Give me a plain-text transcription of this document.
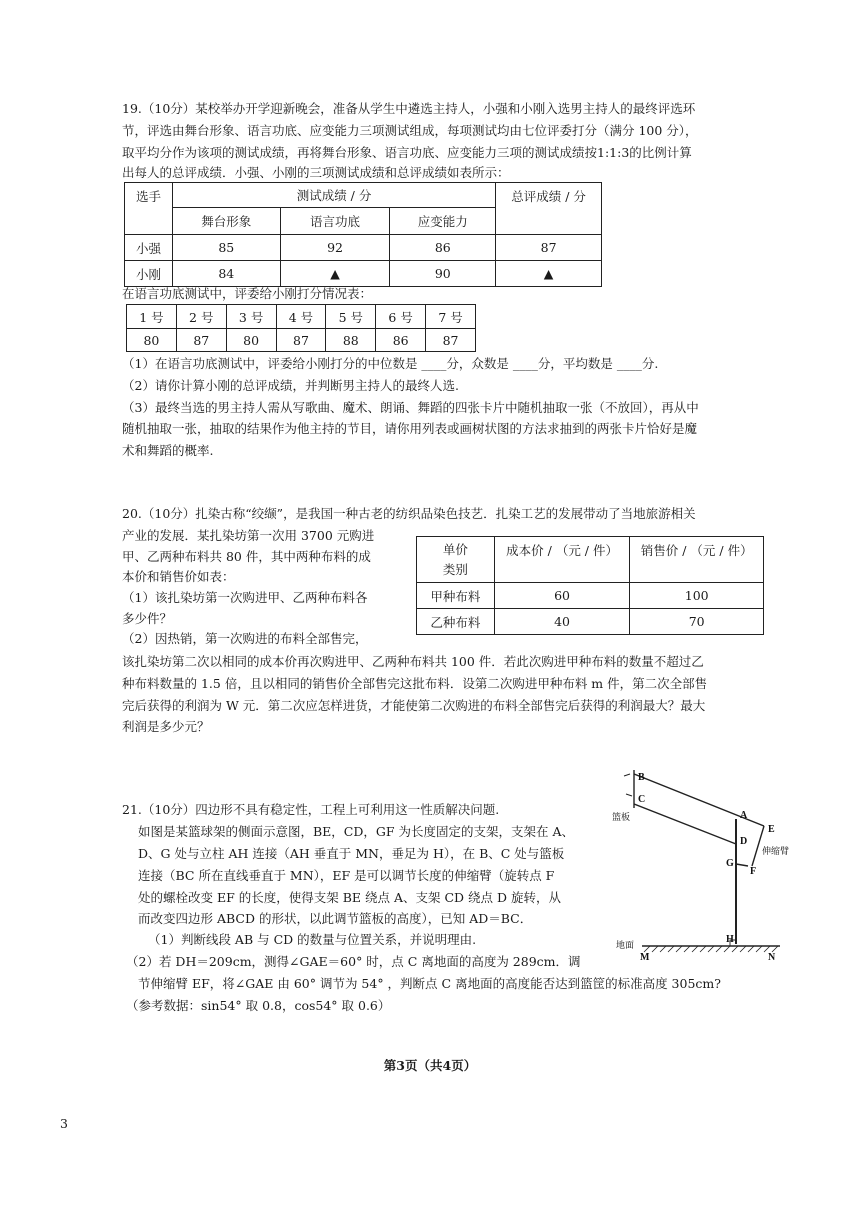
19.（10分）某校举办开学迎新晚会，准备从学生中遴选主持人，小强和小刚入选男主持人的最终评选环
节，评选由舞台形象、语言功底、应变能力三项测试组成，每项测试均由七位评委打分（满分 100 分），
取平均分作为该项的测试成绩，再将舞台形象、语言功底、应变能力三项的测试成绩按1:1:3的比例计算
出每人的总评成绩．小强、小刚的三项测试成绩和总评成绩如表所示：
选手	测试成绩 / 分			总评成绩 / 分
	舞台形象	语言功底	应变能力	
小强	85	92	86	87
小刚	84	▲	90	▲
在语言功底测试中，评委给小刚打分情况表：
1 号	2 号	3 号	4 号	5 号	6 号	7 号
80	87	80	87	88	86	87
（1）在语言功底测试中，评委给小刚打分的中位数是 ____分，众数是 ____分，平均数是 ____分.
（2）请你计算小刚的总评成绩，并判断男主持人的最终人选.
（3）最终当选的男主持人需从写歌曲、魔术、朗诵、舞蹈的四张卡片中随机抽取一张（不放回），再从中
随机抽取一张，抽取的结果作为他主持的节目，请你用列表或画树状图的方法求抽到的两张卡片恰好是魔
术和舞蹈的概率.
20.（10分）扎染古称“绞缬”，是我国一种古老的纺织品染色技艺．扎染工艺的发展带动了当地旅游相关
产业的发展．某扎染坊第一次用 3700 元购进
甲、乙两种布料共 80 件，其中两种布料的成
本价和销售价如表：
（1）该扎染坊第一次购进甲、乙两种布料各
多少件？
（2）因热销，第一次购进的布料全部售完，
单价
类别	成本价 / （元 / 件）	销售价 / （元 / 件）
甲种布料	60	100
乙种布料	40	70
该扎染坊第二次以相同的成本价再次购进甲、乙两种布料共 100 件．若此次购进甲种布料的数量不超过乙
种布料数量的 1.5 倍，且以相同的销售价全部售完这批布料．设第二次购进甲种布料 m 件，第二次全部售
完后获得的利润为 W 元．第二次应怎样进货，才能使第二次购进的布料全部售完后获得的利润最大？最大
利润是多少元？
21.（10分）四边形不具有稳定性，工程上可利用这一性质解决问题.
如图是某篮球架的侧面示意图，BE，CD，GF 为长度固定的支架，支架在 A、
D、G 处与立柱 AH 连接（AH 垂直于 MN，垂足为 H），在 B、C 处与篮板
连接（BC 所在直线垂直于 MN），EF 是可以调节长度的伸缩臂（旋转点 F
处的螺栓改变 EF 的长度，使得支架 BE 绕点 A、支架 CD 绕点 D 旋转，从
而改变四边形 ABCD 的形状，以此调节篮板的高度），已知 AD＝BC．
（1）判断线段 AB 与 CD 的数量与位置关系，并说明理由.
（2）若 DH＝209cm，测得∠GAE＝60° 时，点 C 离地面的高度为 289cm．调
节伸缩臂 EF，将∠GAE 由 60° 调节为 54° ，判断点 C 离地面的高度能否达到篮筐的标准高度 305cm?
（参考数据：sin54° 取 0.8，cos54° 取 0.6）
B
C
A
D
E
G
F
H
M	N
篮板
伸缩臂
地面
第3页（共4页）
3
